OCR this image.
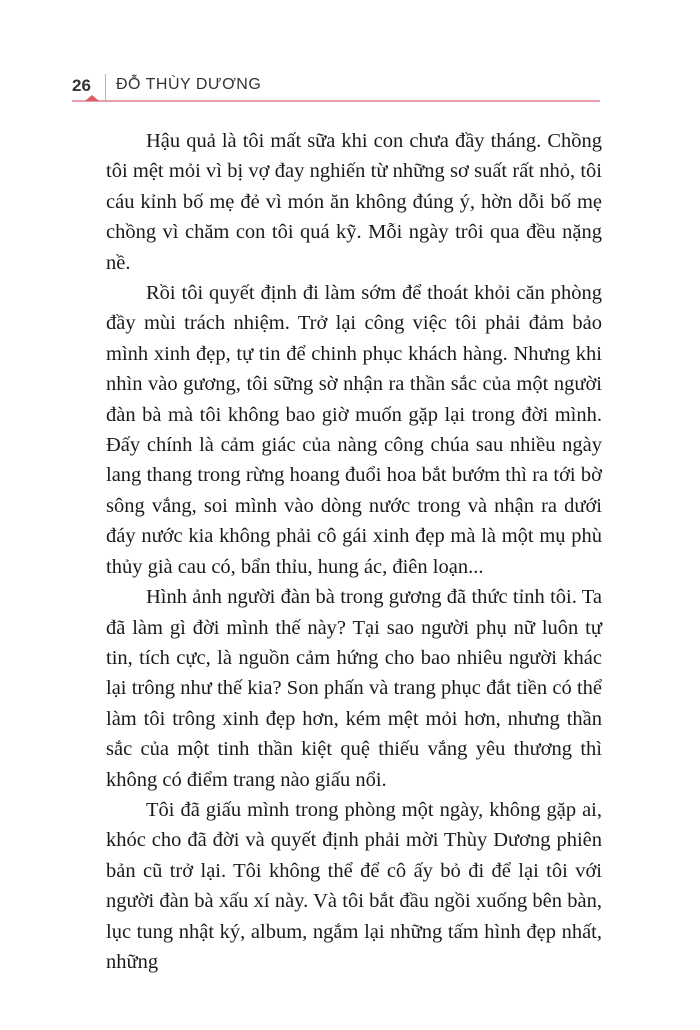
26 ĐỖ THÙY DƯƠNG

Hậu quả là tôi mất sữa khi con chưa đầy tháng. Chồng tôi mệt mỏi vì bị vợ đay nghiến từ những sơ suất rất nhỏ, tôi cáu kỉnh bố mẹ đẻ vì món ăn không đúng ý, hờn dỗi bố mẹ chồng vì chăm con tôi quá kỹ. Mỗi ngày trôi qua đều nặng nề.

Rồi tôi quyết định đi làm sớm để thoát khỏi căn phòng đầy mùi trách nhiệm. Trở lại công việc tôi phải đảm bảo mình xinh đẹp, tự tin để chinh phục khách hàng. Nhưng khi nhìn vào gương, tôi sững sờ nhận ra thần sắc của một người đàn bà mà tôi không bao giờ muốn gặp lại trong đời mình. Đấy chính là cảm giác của nàng công chúa sau nhiều ngày lang thang trong rừng hoang đuổi hoa bắt bướm thì ra tới bờ sông vắng, soi mình vào dòng nước trong và nhận ra dưới đáy nước kia không phải cô gái xinh đẹp mà là một mụ phù thủy già cau có, bẩn thỉu, hung ác, điên loạn...

Hình ảnh người đàn bà trong gương đã thức tỉnh tôi. Ta đã làm gì đời mình thế này? Tại sao người phụ nữ luôn tự tin, tích cực, là nguồn cảm hứng cho bao nhiêu người khác lại trông như thế kia? Son phấn và trang phục đắt tiền có thể làm tôi trông xinh đẹp hơn, kém mệt mỏi hơn, nhưng thần sắc của một tinh thần kiệt quệ thiếu vắng yêu thương thì không có điểm trang nào giấu nổi.

Tôi đã giấu mình trong phòng một ngày, không gặp ai, khóc cho đã đời và quyết định phải mời Thùy Dương phiên bản cũ trở lại. Tôi không thể để cô ấy bỏ đi để lại tôi với người đàn bà xấu xí này. Và tôi bắt đầu ngồi xuống bên bàn, lục tung nhật ký, album, ngắm lại những tấm hình đẹp nhất, những
